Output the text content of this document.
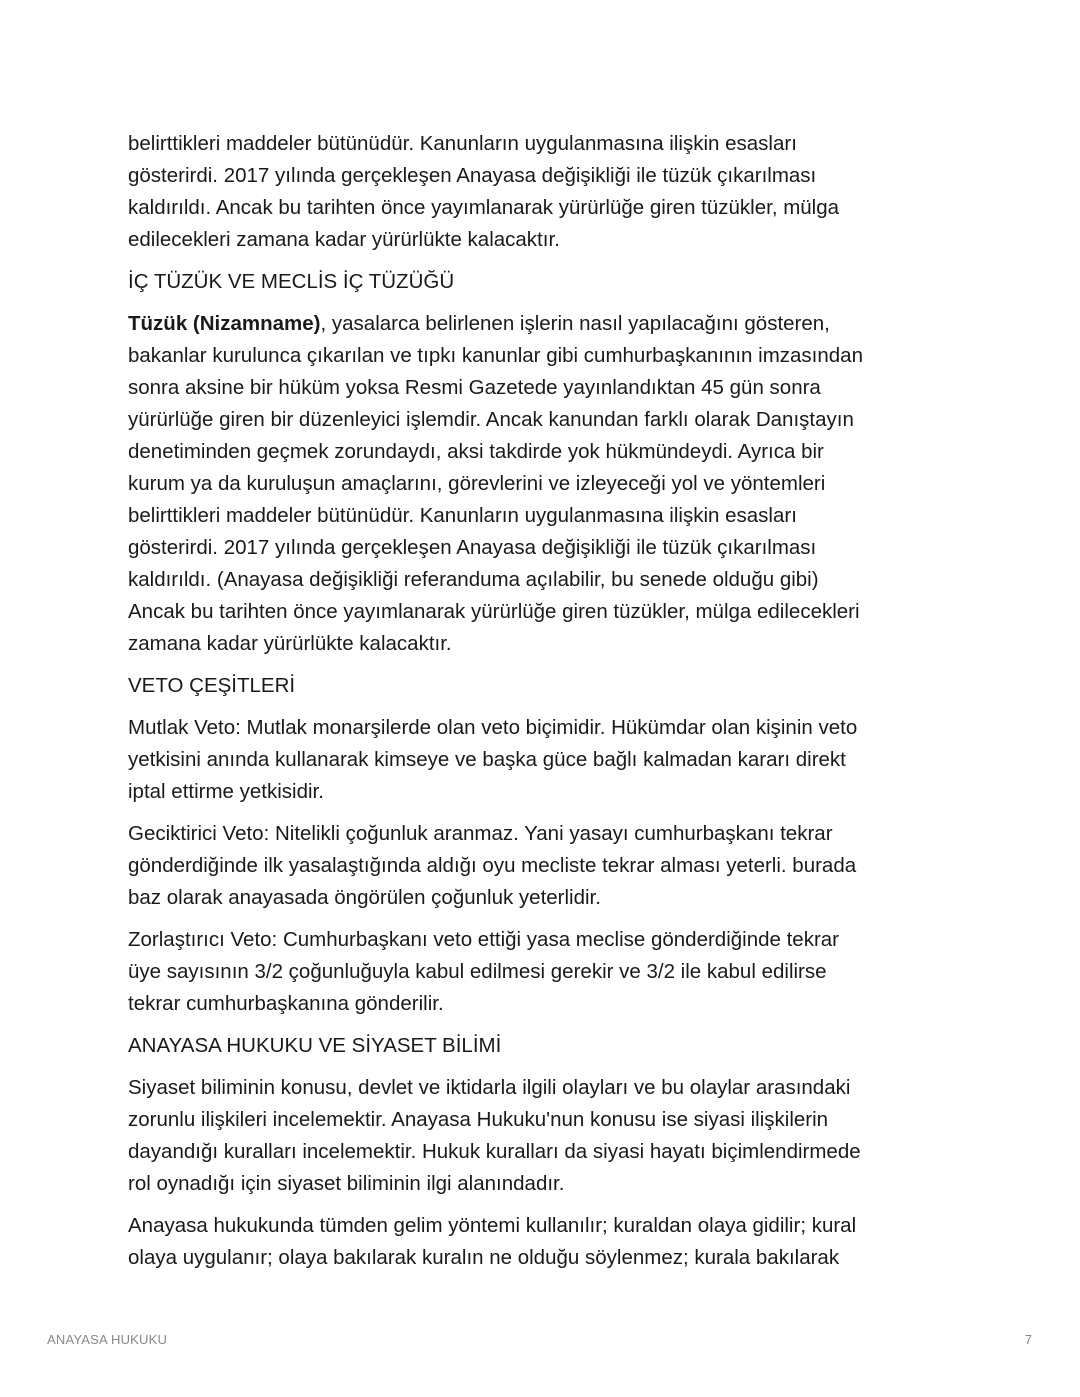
belirttikleri maddeler bütünüdür. Kanunların uygulanmasına ilişkin esasları
gösterirdi. 2017 yılında gerçekleşen Anayasa değişikliği ile tüzük çıkarılması
kaldırıldı. Ancak bu tarihten önce yayımlanarak yürürlüğe giren tüzükler, mülga
edilecekleri zamana kadar yürürlükte kalacaktır.
İÇ TÜZÜK VE MECLİS İÇ TÜZÜĞÜ
Tüzük (Nizamname), yasalarca belirlenen işlerin nasıl yapılacağını gösteren,
bakanlar kurulunca çıkarılan ve tıpkı kanunlar gibi cumhurbaşkanının imzasından
sonra aksine bir hüküm yoksa Resmi Gazetede yayınlandıktan 45 gün sonra
yürürlüğe giren bir düzenleyici işlemdir. Ancak kanundan farklı olarak Danıştayın
denetiminden geçmek zorundaydı, aksi takdirde yok hükmündeydi. Ayrıca bir
kurum ya da kuruluşun amaçlarını, görevlerini ve izleyeceği yol ve yöntemleri
belirttikleri maddeler bütünüdür. Kanunların uygulanmasına ilişkin esasları
gösterirdi. 2017 yılında gerçekleşen Anayasa değişikliği ile tüzük çıkarılması
kaldırıldı. (Anayasa değişikliği referanduma açılabilir, bu senede olduğu gibi)
Ancak bu tarihten önce yayımlanarak yürürlüğe giren tüzükler, mülga edilecekleri
zamana kadar yürürlükte kalacaktır.
VETO ÇEŞİTLERİ
Mutlak Veto: Mutlak monarşilerde olan veto biçimidir. Hükümdar olan kişinin veto
yetkisini anında kullanarak kimseye ve başka güce bağlı kalmadan kararı direkt
iptal ettirme yetkisidir.
Geciktirici Veto: Nitelikli çoğunluk aranmaz. Yani yasayı cumhurbaşkanı tekrar
gönderdiğinde ilk yasalaştığında aldığı oyu mecliste tekrar alması yeterli. burada
baz olarak anayasada öngörülen çoğunluk yeterlidir.
Zorlaştırıcı Veto: Cumhurbaşkanı veto ettiği yasa meclise gönderdiğinde tekrar
üye sayısının 3/2 çoğunluğuyla kabul edilmesi gerekir ve 3/2 ile kabul edilirse
tekrar cumhurbaşkanına gönderilir.
ANAYASA HUKUKU VE SİYASET BİLİMİ
Siyaset biliminin konusu, devlet ve iktidarla ilgili olayları ve bu olaylar arasındaki
zorunlu ilişkileri incelemektir. Anayasa Hukuku'nun konusu ise siyasi ilişkilerin
dayandığı kuralları incelemektir. Hukuk kuralları da siyasi hayatı biçimlendirmede
rol oynadığı için siyaset biliminin ilgi alanındadır.
Anayasa hukukunda tümden gelim yöntemi kullanılır; kuraldan olaya gidilir; kural
olaya uygulanır; olaya bakılarak kuralın ne olduğu söylenmez; kurala bakılarak
ANAYASA HUKUKU	7
